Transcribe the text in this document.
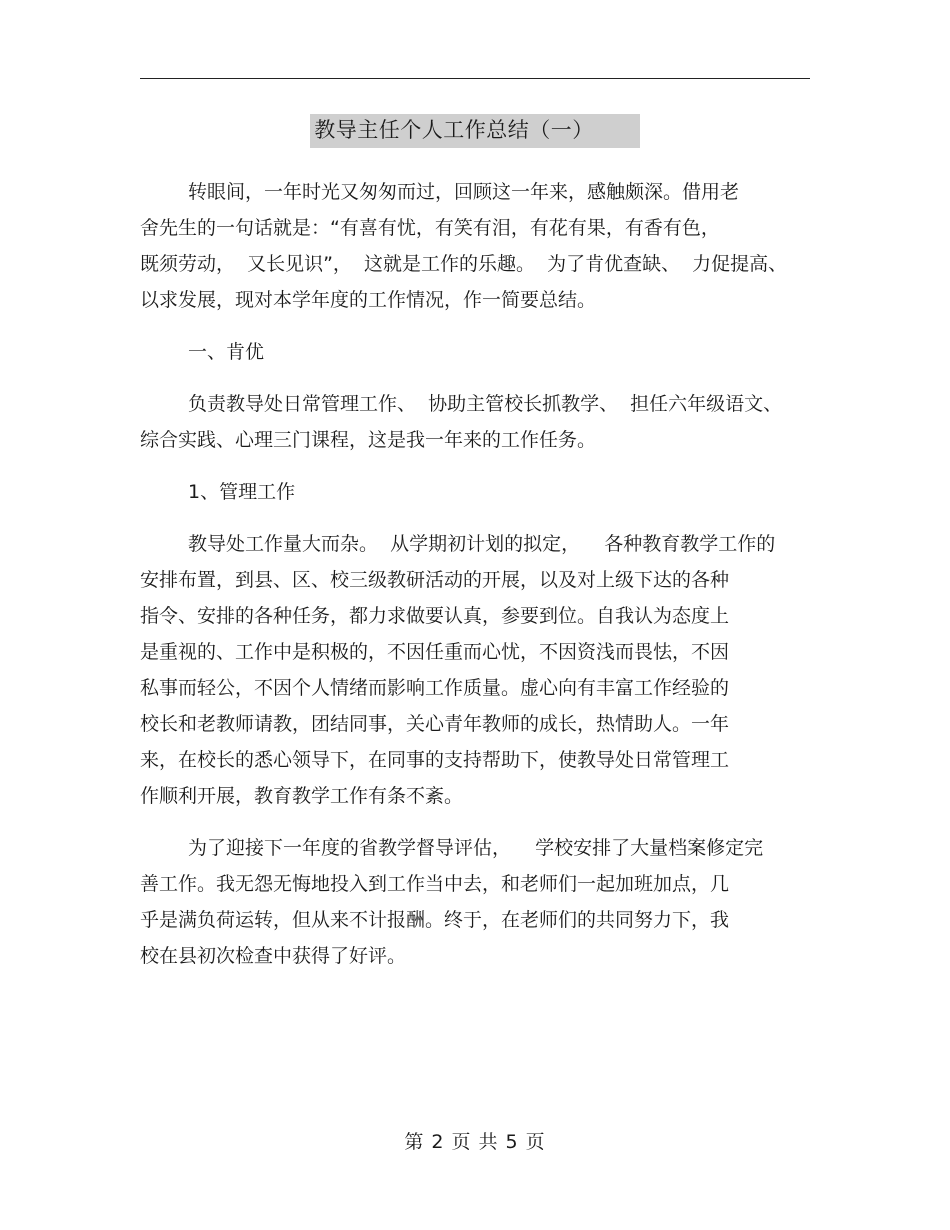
教导主任个人工作总结（一）
转眼间，一年时光又匆匆而过，回顾这一年来，感触颇深。借用老
舍先生的一句话就是：“有喜有忧，有笑有泪，有花有果，有香有色，
既须劳动，  又长见识”，  这就是工作的乐趣。  为了肯优查缺、  力促提高、
以求发展，现对本学年度的工作情况，作一简要总结。
一、肯优
负责教导处日常管理工作、  协助主管校长抓教学、  担任六年级语文、
综合实践、心理三门课程，这是我一年来的工作任务。
1、管理工作
教导处工作量大而杂。  从学期初计划的拟定，    各种教育教学工作的
安排布置，到县、区、校三级教研活动的开展，以及对上级下达的各种
指令、安排的各种任务，都力求做要认真，参要到位。自我认为态度上
是重视的、工作中是积极的，不因任重而心忧，不因资浅而畏怯，不因
私事而轻公，不因个人情绪而影响工作质量。虚心向有丰富工作经验的
校长和老教师请教，团结同事，关心青年教师的成长，热情助人。一年
来，在校长的悉心领导下，在同事的支持帮助下，使教导处日常管理工
作顺利开展，教育教学工作有条不紊。
为了迎接下一年度的省教学督导评估，    学校安排了大量档案修定完
善工作。我无怨无悔地投入到工作当中去，和老师们一起加班加点，几
乎是满负荷运转，但从来不计报酬。终于，在老师们的共同努力下，我
校在县初次检查中获得了好评。
第 2 页 共 5 页
